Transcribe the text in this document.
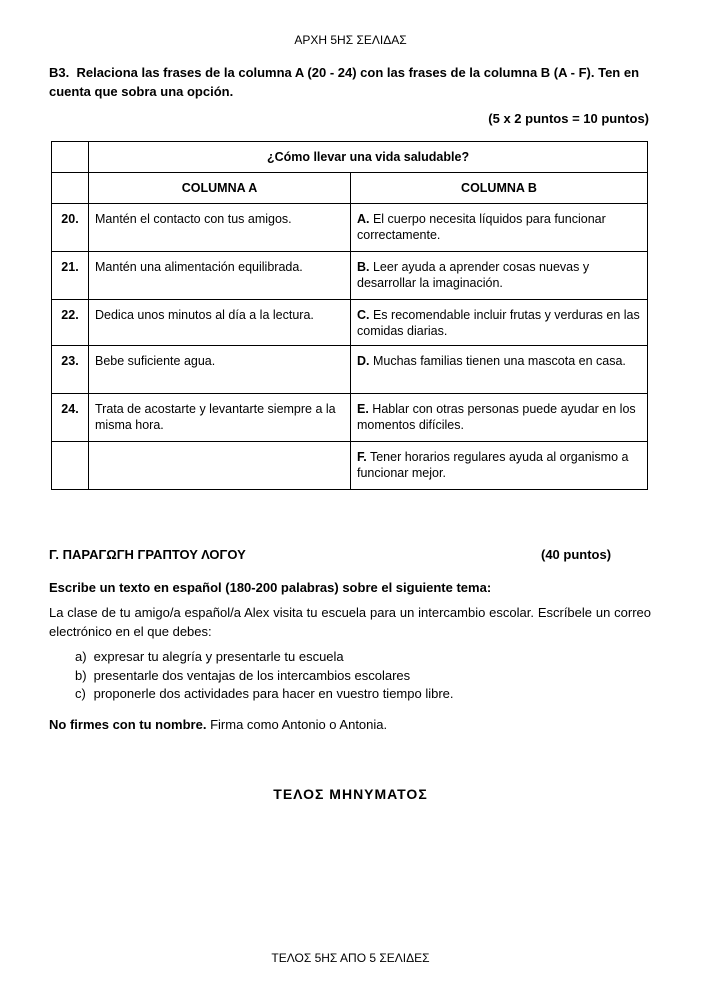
ΑΡΧΗ 5ΗΣ ΣΕΛΙΔΑΣ
B3. Relaciona las frases de la columna A (20 - 24) con las frases de la columna B (A - F). Ten en cuenta que sobra una opción.
(5 x 2 puntos = 10 puntos)
	¿Cómo llevar una vida saludable?	
	COLUMNA A	COLUMNA B
20.	Mantén el contacto con tus amigos.	A. El cuerpo necesita líquidos para funcionar correctamente.
21.	Mantén una alimentación equilibrada.	B. Leer ayuda a aprender cosas nuevas y desarrollar la imaginación.
22.	Dedica unos minutos al día a la lectura.	C. Es recomendable incluir frutas y verduras en las comidas diarias.
23.	Bebe suficiente agua.	D. Muchas familias tienen una mascota en casa.
24.	Trata de acostarte y levantarte siempre a la misma hora.	E. Hablar con otras personas puede ayudar en los momentos difíciles.
		F. Tener horarios regulares ayuda al organismo a funcionar mejor.
Γ. ΠΑΡΑΓΩΓΗ ΓΡΑΠΤΟΥ ΛΟΓΟΥ	(40 puntos)
Escribe un texto en español (180-200 palabras) sobre el siguiente tema:
La clase de tu amigo/a español/a Alex visita tu escuela para un intercambio escolar. Escríbele un correo electrónico en el que debes:
a) expresar tu alegría y presentarle tu escuela
b) presentarle dos ventajas de los intercambios escolares
c) proponerle dos actividades para hacer en vuestro tiempo libre.
No firmes con tu nombre. Firma como Antonio o Antonia.
ΤΕΛΟΣ ΜΗΝΥΜΑΤΟΣ
ΤΕΛΟΣ 5ΗΣ ΑΠΟ 5 ΣΕΛΙΔΕΣ
